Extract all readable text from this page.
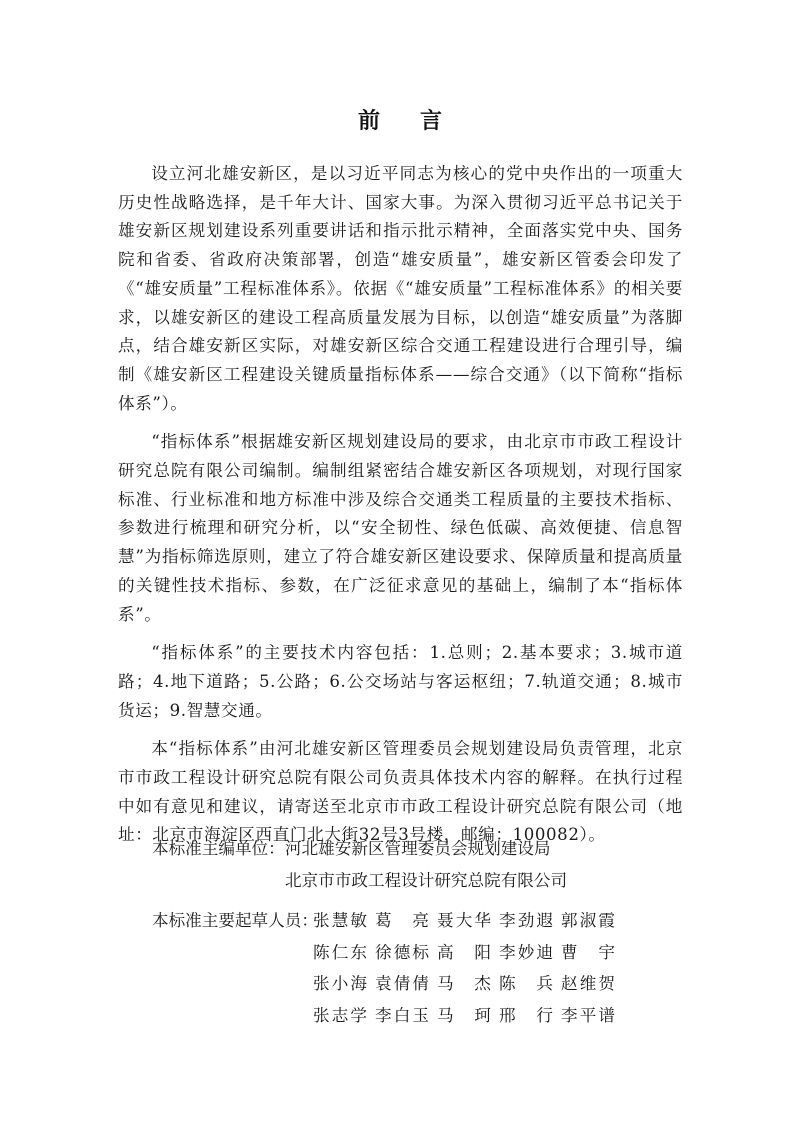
前 言

设立河北雄安新区，是以习近平同志为核心的党中央作出的一项重大历史性战略选择，是千年大计、国家大事。为深入贯彻习近平总书记关于雄安新区规划建设系列重要讲话和指示批示精神，全面落实党中央、国务院和省委、省政府决策部署，创造“雄安质量”，雄安新区管委会印发了《“雄安质量”工程标准体系》。依据《“雄安质量”工程标准体系》的相关要求，以雄安新区的建设工程高质量发展为目标，以创造“雄安质量”为落脚点，结合雄安新区实际，对雄安新区综合交通工程建设进行合理引导，编制《雄安新区工程建设关键质量指标体系——综合交通》（以下简称“指标体系”）。

“指标体系”根据雄安新区规划建设局的要求，由北京市市政工程设计研究总院有限公司编制。编制组紧密结合雄安新区各项规划，对现行国家标准、行业标准和地方标准中涉及综合交通类工程质量的主要技术指标、参数进行梳理和研究分析，以“安全韧性、绿色低碳、高效便捷、信息智慧”为指标筛选原则，建立了符合雄安新区建设要求、保障质量和提高质量的关键性技术指标、参数，在广泛征求意见的基础上，编制了本“指标体系”。

“指标体系”的主要技术内容包括：1.总则；2.基本要求；3.城市道路；4.地下道路；5.公路；6.公交场站与客运枢纽；7.轨道交通；8.城市货运；9.智慧交通。

本“指标体系”由河北雄安新区管理委员会规划建设局负责管理，北京市市政工程设计研究总院有限公司负责具体技术内容的解释。在执行过程中如有意见和建议，请寄送至北京市市政工程设计研究总院有限公司（地址：北京市海淀区西直门北大街32号3号楼，邮编：100082）。

本标准主编单位： 河北雄安新区管理委员会规划建设局
北京市市政工程设计研究总院有限公司
本标准主要起草人员：
张 慧 敏 葛 亮 聂 大 华 李 劲 遐 郭 淑 霞
陈 仁 东 徐 德 标 高 阳 李 妙 迪 曹 宇
张 小 海 袁 倩 倩 马 杰 陈 兵 赵 维 贺
张 志 学 李 白 玉 马 珂 邢 行 李 平 谱
